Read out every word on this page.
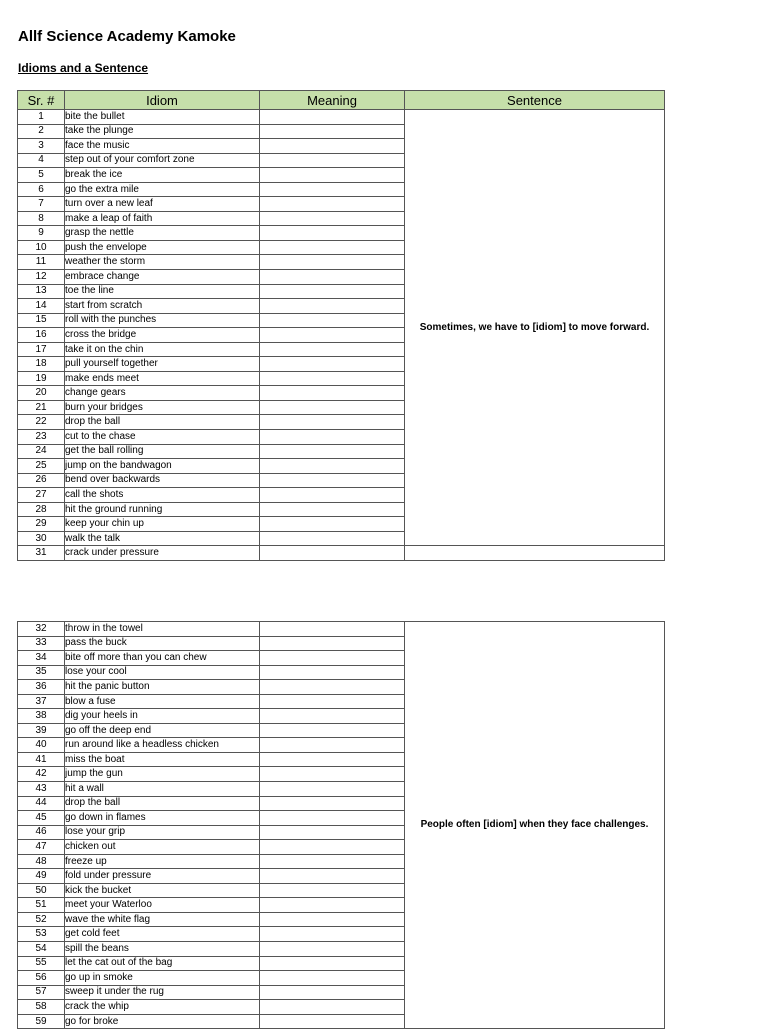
Allf Science Academy Kamoke
Idioms and a Sentence
Sr. #	Idiom	Meaning	Sentence
1	bite the bullet		Sometimes, we have to [idiom] to move forward.
2	take the plunge		
3	face the music		
4	step out of your comfort zone		
5	break the ice		
6	go the extra mile		
7	turn over a new leaf		
8	make a leap of faith		
9	grasp the nettle		
10	push the envelope		
11	weather the storm		
12	embrace change		
13	toe the line		
14	start from scratch		
15	roll with the punches		
16	cross the bridge		
17	take it on the chin		
18	pull yourself together		
19	make ends meet		
20	change gears		
21	burn your bridges		
22	drop the ball		
23	cut to the chase		
24	get the ball rolling		
25	jump on the bandwagon		
26	bend over backwards		
27	call the shots		
28	hit the ground running		
29	keep your chin up		
30	walk the talk		
31	crack under pressure		
32	throw in the towel		People often [idiom] when they face challenges.
33	pass the buck		
34	bite off more than you can chew		
35	lose your cool		
36	hit the panic button		
37	blow a fuse		
38	dig your heels in		
39	go off the deep end		
40	run around like a headless chicken		
41	miss the boat		
42	jump the gun		
43	hit a wall		
44	drop the ball		
45	go down in flames		
46	lose your grip		
47	chicken out		
48	freeze up		
49	fold under pressure		
50	kick the bucket		
51	meet your Waterloo		
52	wave the white flag		
53	get cold feet		
54	spill the beans		
55	let the cat out of the bag		
56	go up in smoke		
57	sweep it under the rug		
58	crack the whip		
59	go for broke		
